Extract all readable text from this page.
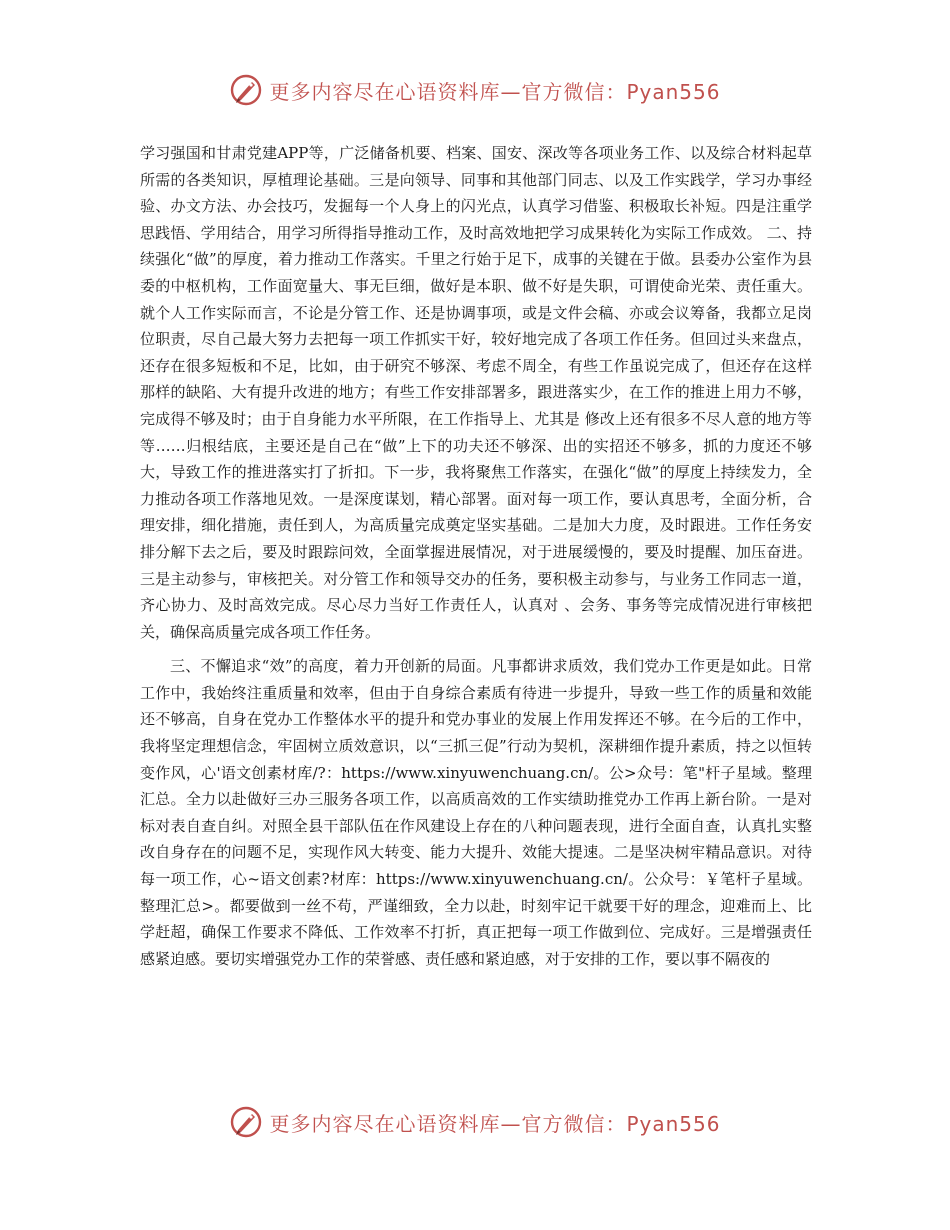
更多内容尽在心语资料库—官方微信：Pyan556

学习强国和甘肃党建APP等，广泛储备机要、档案、国安、深改等各项业务工作、以及综合材料起草所需的各类知识，厚植理论基础。三是向领导、同事和其他部门同志、以及工作实践学，学习办事经验、办文方法、办会技巧，发掘每一个人身上的闪光点，认真学习借鉴、积极取长补短。四是注重学思践悟、学用结合，用学习所得指导推动工作，及时高效地把学习成果转化为实际工作成效。 二、持续强化“做”的厚度，着力推动工作落实。千里之行始于足下，成事的关键在于做。县委办公室作为县委的中枢机构，工作面宽量大、事无巨细，做好是本职、做不好是失职，可谓使命光荣、责任重大。就个人工作实际而言，不论是分管工作、还是协调事项，或是文件会稿、亦或会议筹备，我都立足岗位职责，尽自己最大努力去把每一项工作抓实干好，较好地完成了各项工作任务。但回过头来盘点，还存在很多短板和不足，比如，由于研究不够深、考虑不周全，有些工作虽说完成了，但还存在这样那样的缺陷、大有提升改进的地方；有些工作安排部署多，跟进落实少，在工作的推进上用力不够，完成得不够及时；由于自身能力水平所限，在工作指导上、尤其是 修改上还有很多不尽人意的地方等等……归根结底，主要还是自己在“做”上下的功夫还不够深、出的实招还不够多，抓的力度还不够大，导致工作的推进落实打了折扣。下一步，我将聚焦工作落实，在强化“做”的厚度上持续发力，全力推动各项工作落地见效。一是深度谋划，精心部署。面对每一项工作，要认真思考，全面分析，合理安排，细化措施，责任到人，为高质量完成奠定坚实基础。二是加大力度，及时跟进。工作任务安排分解下去之后，要及时跟踪问效，全面掌握进展情况，对于进展缓慢的，要及时提醒、加压奋进。三是主动参与，审核把关。对分管工作和领导交办的任务，要积极主动参与，与业务工作同志一道，齐心协力、及时高效完成。尽心尽力当好工作责任人，认真对 、会务、事务等完成情况进行审核把关，确保高质量完成各项工作任务。

三、不懈追求“效”的高度，着力开创新的局面。凡事都讲求质效，我们党办工作更是如此。日常工作中，我始终注重质量和效率，但由于自身综合素质有待进一步提升，导致一些工作的质量和效能还不够高，自身在党办工作整体水平的提升和党办事业的发展上作用发挥还不够。在今后的工作中，我将坚定理想信念，牢固树立质效意识，以“三抓三促”行动为契机，深耕细作提升素质，持之以恒转变作风，心'语文创素材库/?：https://www.xinyuwenchuang.cn/。公>众号：笔"杆子星域。整理汇总。全力以赴做好三办三服务各项工作，以高质高效的工作实绩助推党办工作再上新台阶。一是对标对表自查自纠。对照全县干部队伍在作风建设上存在的八种问题表现，进行全面自查，认真扎实整改自身存在的问题不足，实现作风大转变、能力大提升、效能大提速。二是坚决树牢精品意识。对待每一项工作，心~语文创素?材库：https://www.xinyuwenchuang.cn/。公众号：￥笔杆子星域。整理汇总>。都要做到一丝不苟，严谨细致，全力以赴，时刻牢记干就要干好的理念，迎难而上、比学赶超，确保工作要求不降低、工作效率不打折，真正把每一项工作做到位、完成好。三是增强责任感紧迫感。要切实增强党办工作的荣誉感、责任感和紧迫感，对于安排的工作，要以事不隔夜的

更多内容尽在心语资料库—官方微信：Pyan556
